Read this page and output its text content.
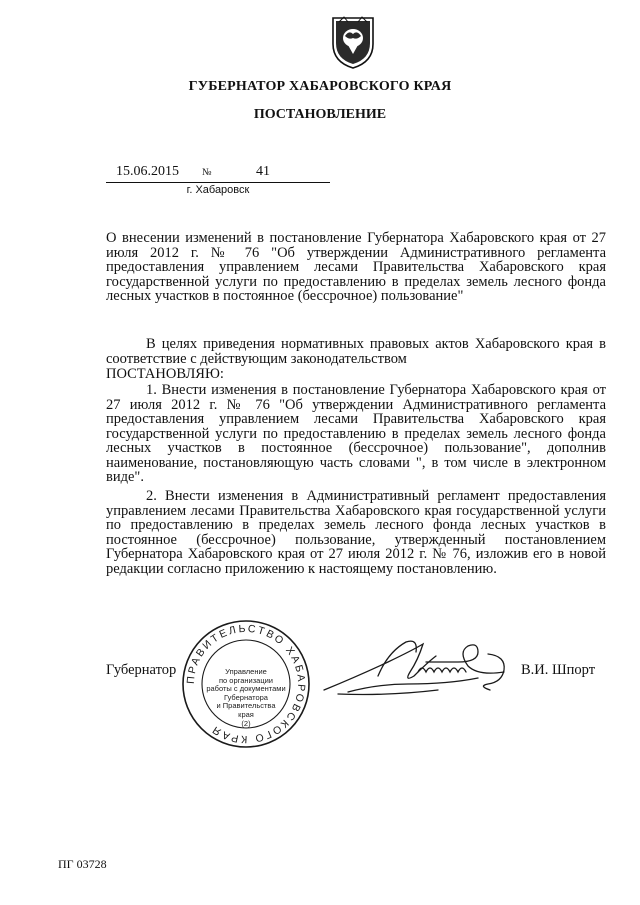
ГУБЕРНАТОР ХАБАРОВСКОГО КРАЯ
ПОСТАНОВЛЕНИЕ
15.06.2015 №	41
г. Хабаровск
О внесении изменений в постановление Губернатора Хабаровского края от 27 июля 2012 г. № 76 "Об утверждении Административного регламента предоставления управлением лесами Правительства Хабаровского края государственной услуги по предоставлению в пределах земель лесного фонда лесных участков в постоянное (бессрочное) пользование"
В целях приведения нормативных правовых актов Хабаровского края в соответствие с действующим законодательством
ПОСТАНОВЛЯЮ:
1. Внести изменения в постановление Губернатора Хабаровского края от 27 июля 2012 г. № 76 "Об утверждении Административного регламента предоставления управлением лесами Правительства Хабаровского края государственной услуги по предоставлению в пределах земель лесного фонда лесных участков в постоянное (бессрочное) пользование", дополнив наименование, постановляющую часть словами ", в том числе в электронном виде".
2. Внести изменения в Административный регламент предоставления управлением лесами Правительства Хабаровского края государственной услуги по предоставлению в пределах земель лесного фонда лесных участков в постоянное (бессрочное) пользование, утвержденный постановлением Губернатора Хабаровского края от 27 июля 2012 г. № 76, изложив его в новой редакции согласно приложению к настоящему постановлению.
Губернатор
ПРАВИТЕЛЬСТВО ХАБАРОВСКОГО КРАЯ
Управление
по организации
работы с документами
Губернатора
и Правительства
края
(2)
В.И. Шпорт
ПГ 03728
